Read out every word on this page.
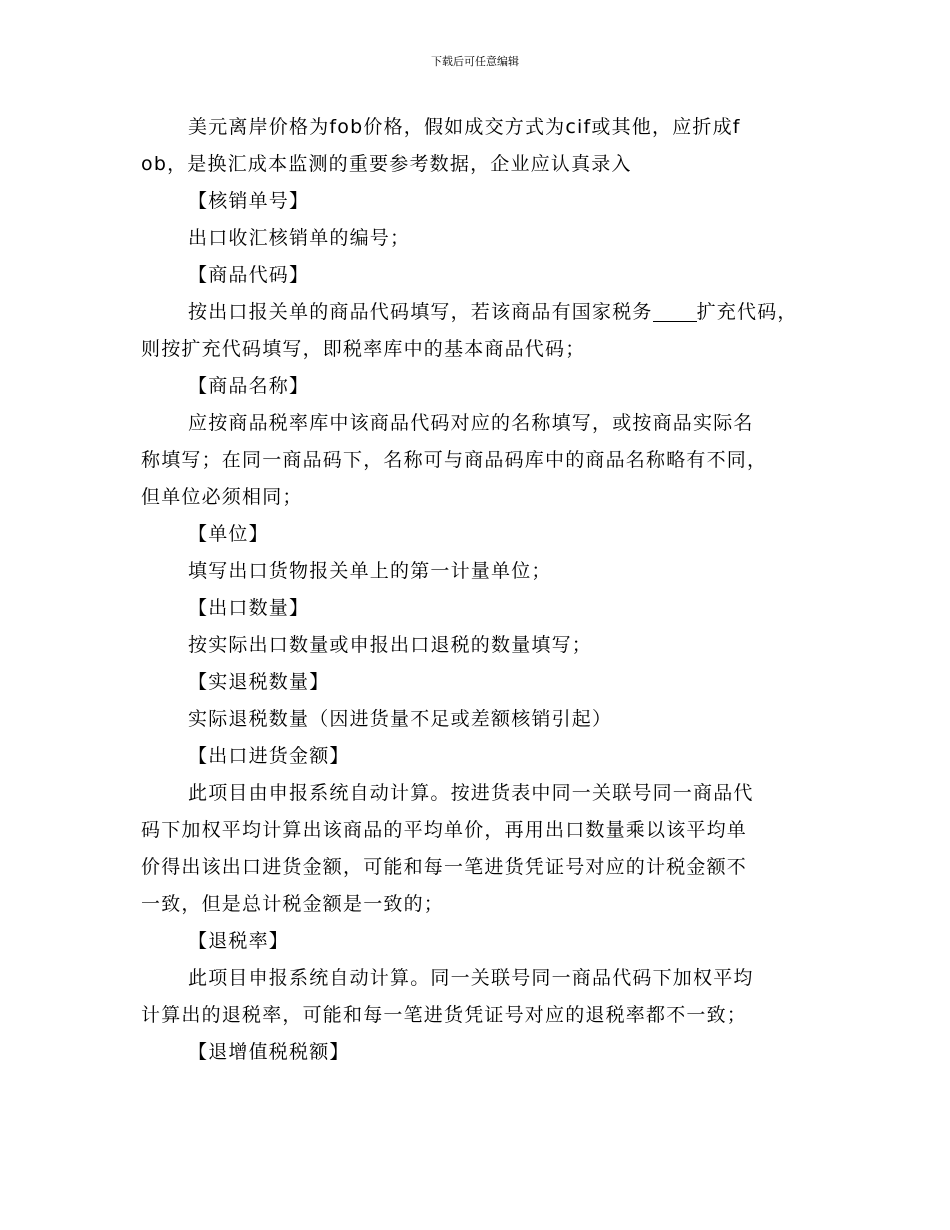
下载后可任意编辑
美元离岸价格为fob价格，假如成交方式为cif或其他，应折成f
ob，是换汇成本监测的重要参考数据，企业应认真录入
【核销单号】
出口收汇核销单的编号；
【商品代码】
按出口报关单的商品代码填写，若该商品有国家税务 扩充代码，
则按扩充代码填写，即税率库中的基本商品代码；
【商品名称】
应按商品税率库中该商品代码对应的名称填写，或按商品实际名
称填写；在同一商品码下，名称可与商品码库中的商品名称略有不同，
但单位必须相同；
【单位】
填写出口货物报关单上的第一计量单位；
【出口数量】
按实际出口数量或申报出口退税的数量填写；
【实退税数量】
实际退税数量（因进货量不足或差额核销引起）
【出口进货金额】
此项目由申报系统自动计算。按进货表中同一关联号同一商品代
码下加权平均计算出该商品的平均单价，再用出口数量乘以该平均单
价得出该出口进货金额，可能和每一笔进货凭证号对应的计税金额不
一致，但是总计税金额是一致的；
【退税率】
此项目申报系统自动计算。同一关联号同一商品代码下加权平均
计算出的退税率，可能和每一笔进货凭证号对应的退税率都不一致；
【退增值税税额】
